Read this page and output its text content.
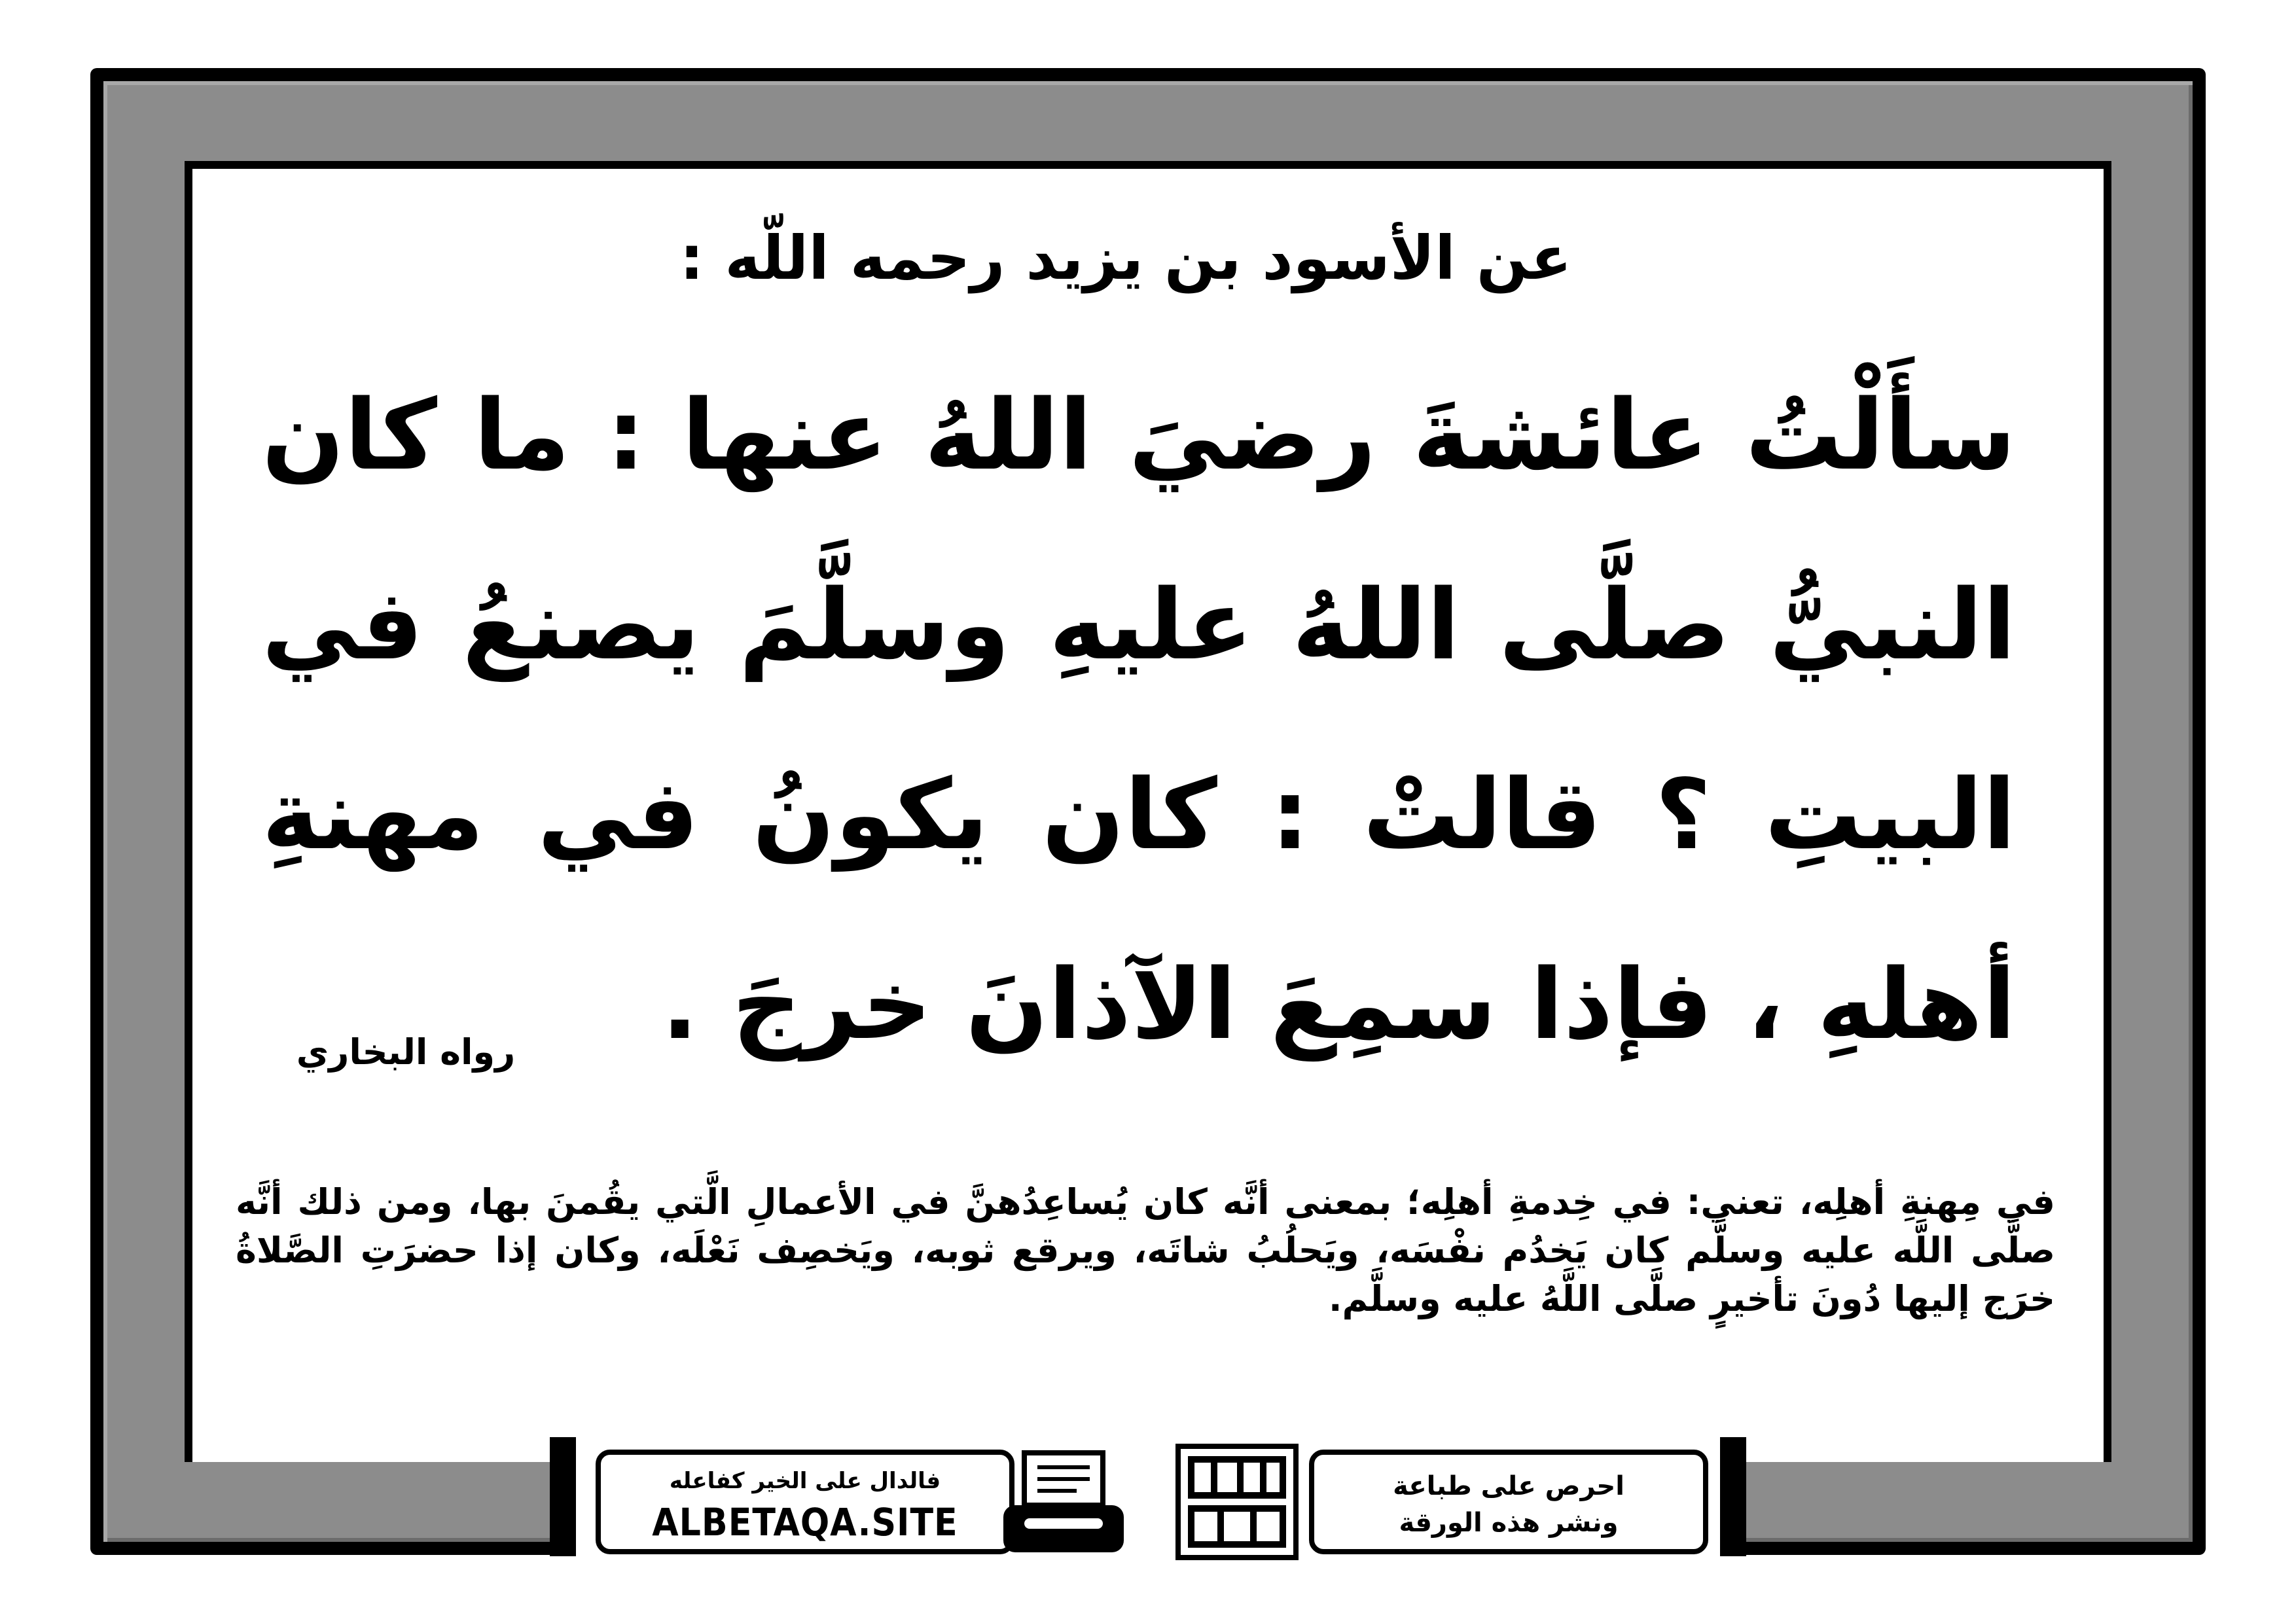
عن الأسود بن يزيد رحمه اللّه :
سأَلْتُ عائشةَ رضيَ اللهُ عنها : ما كان
النبيُّ صلَّى اللهُ عليهِ وسلَّمَ يصنعُ في
البيتِ ؟ قالتْ : كان يكونُ في مهنةِ
أهلهِ ، فإذا سمِعَ الآذانَ خرجَ .
رواه البخاري
في مِهنةِ أهلِه، تعني: في خِدمةِ أهلِه؛ بمعنى أنَّه كان يُساعِدُهنَّ في الأعمالِ الَّتي يقُمنَ بها، ومن ذلك أنَّه صلَّى اللَّه عليه وسلَّم كان يَخدُم نفْسَه، ويَحلُبُ شاتَه، ويرقع ثوبه، ويَخصِف نَعْلَه، وكان إذا حضرَتِ الصَّلاةُ خرَج إليها دُونَ تأخيرٍ صلَّى اللَّهُ عليه وسلَّم.
فالدال على الخير كفاعله
ALBETAQA.SITE
احرص على طباعة
ونشر هذه الورقة
